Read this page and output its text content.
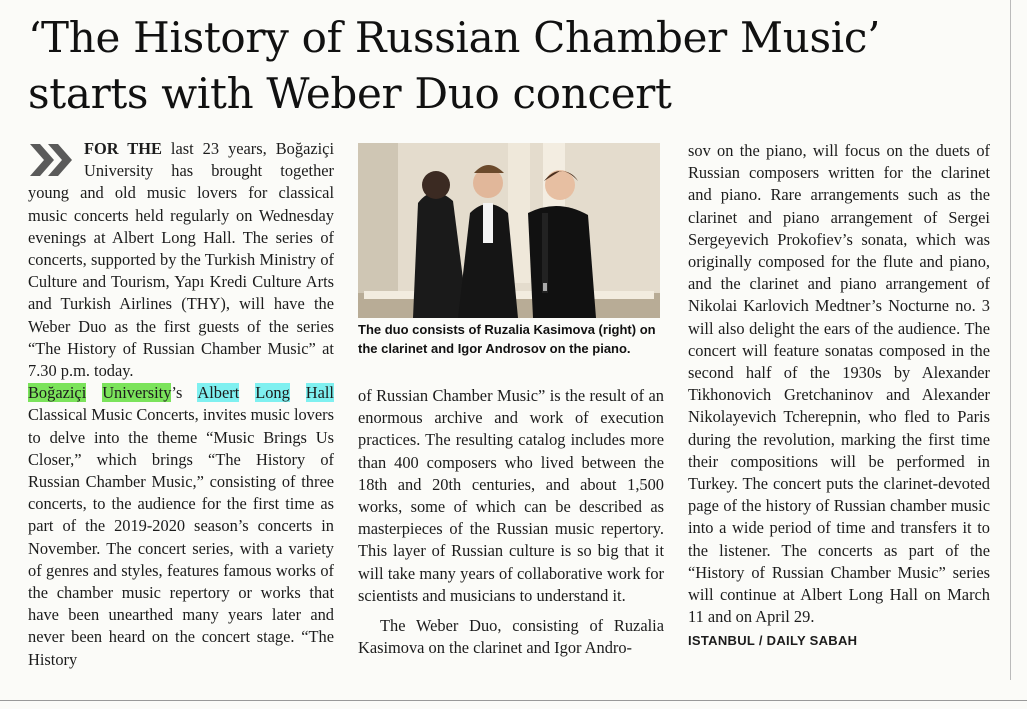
‘The History of Russian Chamber Music’
starts with Weber Duo concert

FOR THE last 23 years, Boğaziçi University has brought together young and old music lovers for classical music concerts held regularly on Wednesday evenings at Albert Long Hall. The series of concerts, supported by the Turkish Ministry of Culture and Tourism, Yapı Kredi Culture Arts and Turkish Airlines (THY), will have the Weber Duo as the first guests of the series “The History of Russian Chamber Music” at 7.30 p.m. today.

Boğaziçi University’s Albert Long Hall Classical Music Concerts, invites music lovers to delve into the theme “Music Brings Us Closer,” which brings “The History of Russian Chamber Music,” consisting of three concerts, to the audience for the first time as part of the 2019-2020 season’s concerts in November. The concert series, with a variety of genres and styles, features famous works of the chamber music repertory or works that have been unearthed many years later and never been heard on the concert stage. “The History

The duo consists of Ruzalia Kasimova (right) on the clarinet and Igor Androsov on the piano.

of Russian Chamber Music” is the result of an enormous archive and work of execution practices. The resulting catalog includes more than 400 composers who lived between the 18th and 20th centuries, and about 1,500 works, some of which can be described as masterpieces of the Russian music repertory. This layer of Russian culture is so big that it will take many years of collaborative work for scientists and musicians to understand it.

The Weber Duo, consisting of Ruzalia Kasimova on the clarinet and Igor Andro-

sov on the piano, will focus on the duets of Russian composers written for the clarinet and piano. Rare arrangements such as the clarinet and piano arrangement of Sergei Sergeyevich Prokofiev’s sonata, which was originally composed for the flute and piano, and the clarinet and piano arrangement of Nikolai Karlovich Medtner’s Nocturne no. 3 will also delight the ears of the audience. The concert will feature sonatas composed in the second half of the 1930s by Alexander Tikhonovich Gretchaninov and Alexander Nikolayevich Tcherepnin, who fled to Paris during the revolution, marking the first time their compositions will be performed in Turkey. The concert puts the clarinet-devoted page of the history of Russian chamber music into a wide period of time and transfers it to the listener. The concerts as part of the “History of Russian Chamber Music” series will continue at Albert Long Hall on March 11 and on April 29.

ISTANBUL / DAILY SABAH
